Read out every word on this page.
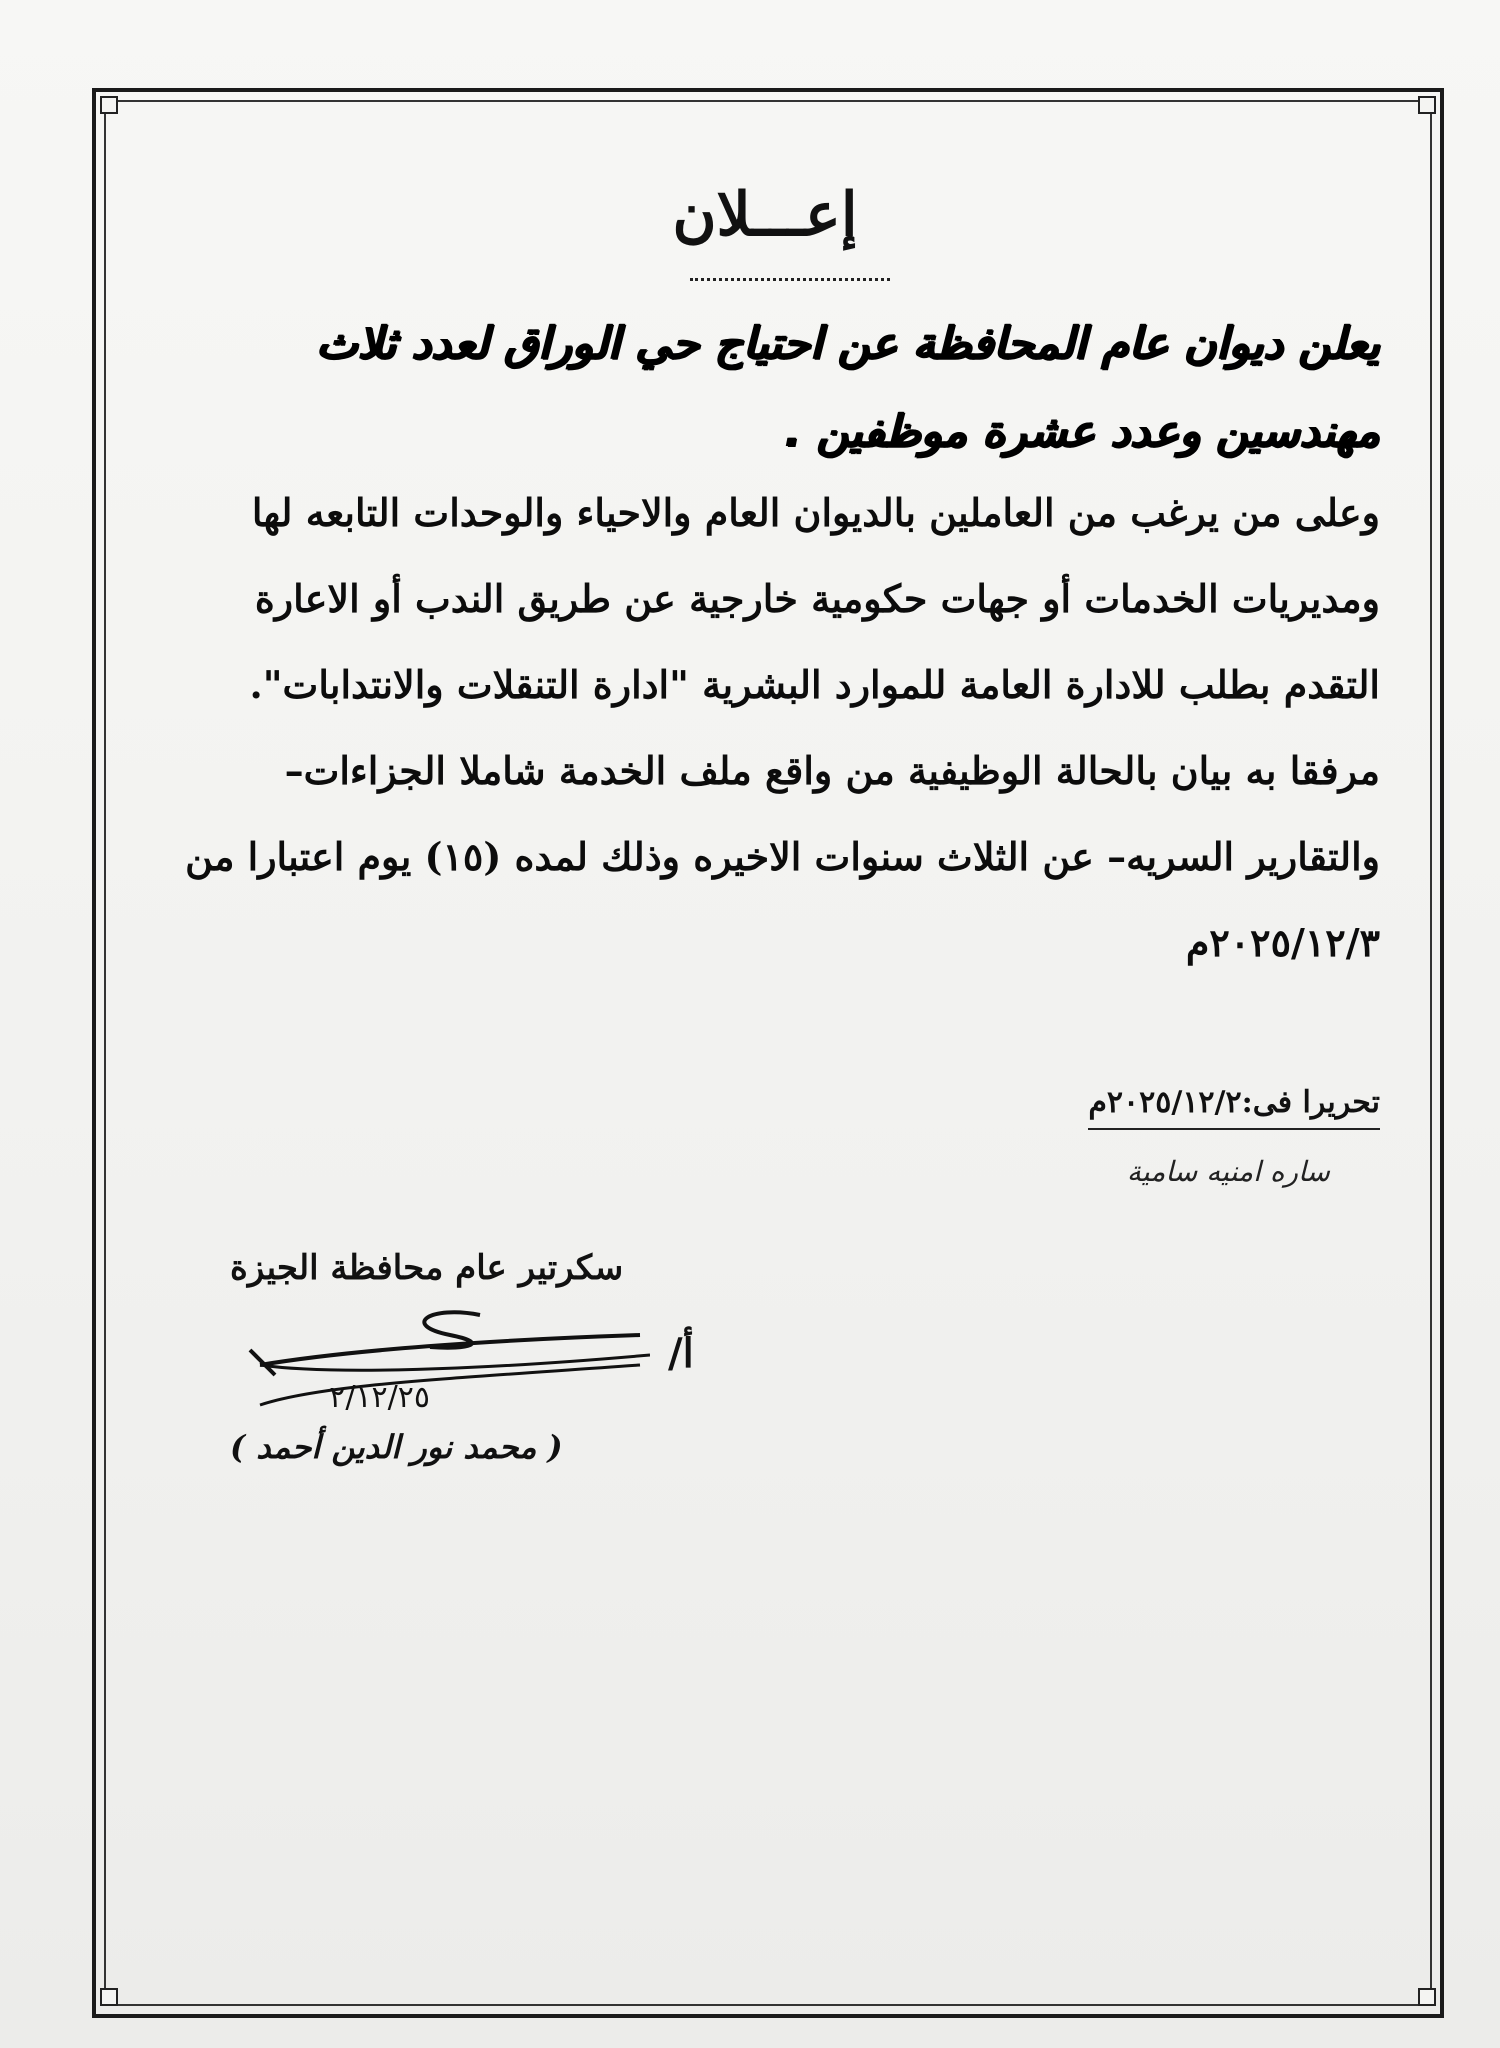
إعـــلان
يعلن ديوان عام المحافظة عن احتياج حي الوراق لعدد ثلاث مهندسين وعدد عشرة موظفين .

وعلى من يرغب من العاملين بالديوان العام والاحياء والوحدات التابعه لها ومديريات الخدمات أو جهات حكومية خارجية عن طريق الندب أو الاعارة التقدم بطلب للادارة العامة للموارد البشرية "ادارة التنقلات والانتدابات".

مرفقا به بيان بالحالة الوظيفية من واقع ملف الخدمة شاملا الجزاءات– والتقارير السريه– عن الثلاث سنوات الاخيره وذلك لمده (١٥) يوم اعتبارا من ٢٠٢٥/١٢/٣م

تحريرا فى:٢٠٢٥/١٢/٢م
ساره امنيه سامية
سكرتير عام محافظة الجيزة
٢/١٢/٢٥
أ/
( محمد نور الدين أحمد )
